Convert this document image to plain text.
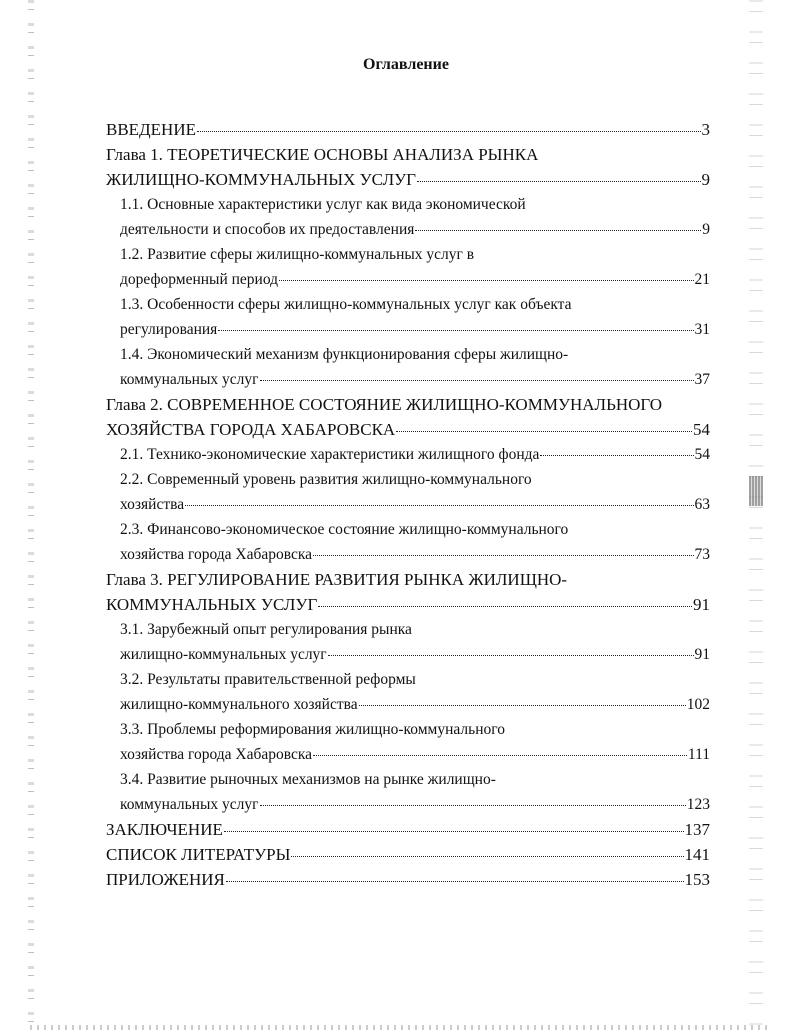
Оглавление
ВВЕДЕНИЕ	3
Глава 1. ТЕОРЕТИЧЕСКИЕ ОСНОВЫ АНАЛИЗА РЫНКА
ЖИЛИЩНО-КОММУНАЛЬНЫХ УСЛУГ	9
1.1. Основные характеристики услуг как вида экономической
деятельности и способов их предоставления	9
1.2. Развитие сферы жилищно-коммунальных услуг в
дореформенный период	21
1.3. Особенности сферы жилищно-коммунальных услуг как объекта
регулирования	31
1.4. Экономический механизм функционирования сферы жилищно-
коммунальных услуг	37
Глава 2. СОВРЕМЕННОЕ СОСТОЯНИЕ ЖИЛИЩНО-КОММУНАЛЬНОГО
ХОЗЯЙСТВА ГОРОДА ХАБАРОВСКА	54
2.1. Технико-экономические характеристики жилищного фонда	54
2.2. Современный уровень развития жилищно-коммунального
хозяйства	63
2.3. Финансово-экономическое состояние жилищно-коммунального
хозяйства города Хабаровска	73
Глава 3. РЕГУЛИРОВАНИЕ РАЗВИТИЯ РЫНКА ЖИЛИЩНО-
КОММУНАЛЬНЫХ УСЛУГ	91
3.1. Зарубежный опыт регулирования рынка
жилищно-коммунальных услуг	91
3.2. Результаты правительственной реформы
жилищно-коммунального хозяйства	102
3.3. Проблемы реформирования жилищно-коммунального
хозяйства города Хабаровска	111
3.4. Развитие рыночных механизмов на рынке жилищно-
коммунальных услуг	123
ЗАКЛЮЧЕНИЕ	137
СПИСОК ЛИТЕРАТУРЫ	141
ПРИЛОЖЕНИЯ	153
